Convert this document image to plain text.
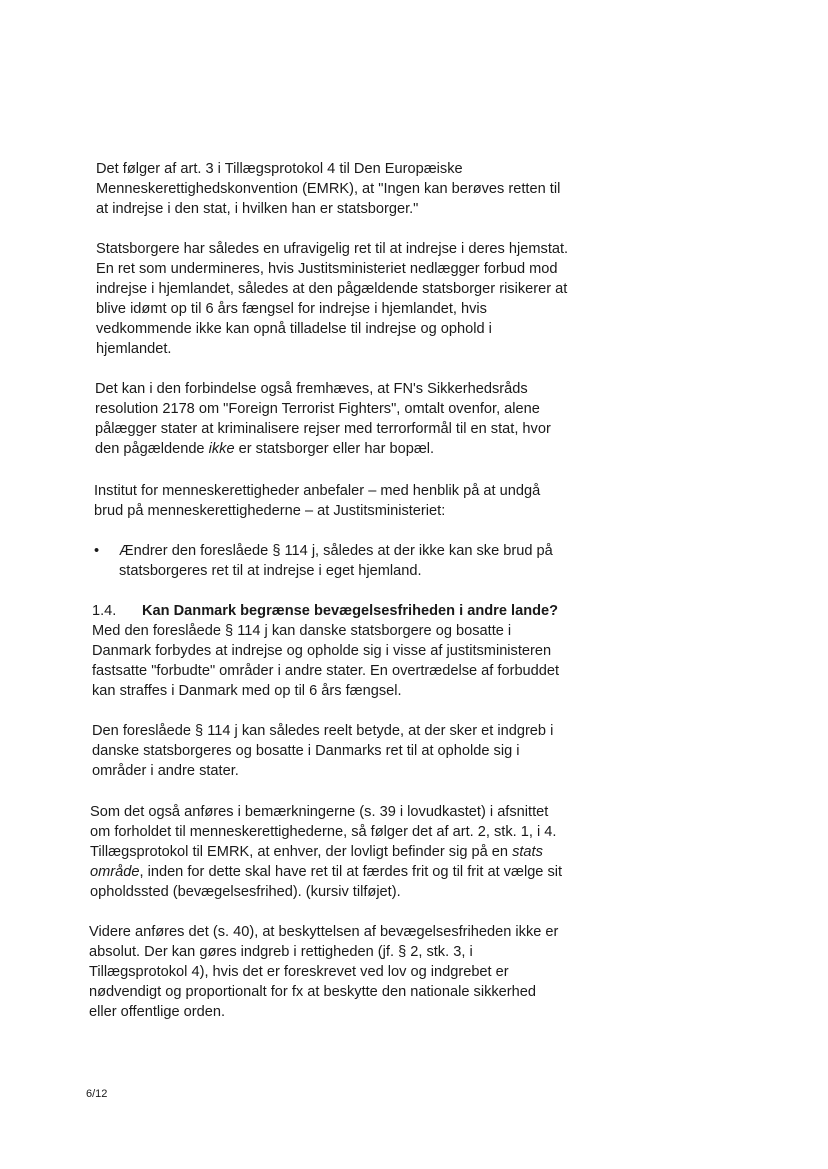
Det følger af art. 3 i Tillægsprotokol 4 til Den Europæiske Menneskerettighedskonvention (EMRK), at "Ingen kan berøves retten til at indrejse i den stat, i hvilken han er statsborger."
Statsborgere har således en ufravigelig ret til at indrejse i deres hjemstat. En ret som undermineres, hvis Justitsministeriet nedlægger forbud mod indrejse i hjemlandet, således at den pågældende statsborger risikerer at blive idømt op til 6 års fængsel for indrejse i hjemlandet, hvis vedkommende ikke kan opnå tilladelse til indrejse og ophold i hjemlandet.
Det kan i den forbindelse også fremhæves, at FN's Sikkerhedsråds resolution 2178 om "Foreign Terrorist Fighters", omtalt ovenfor, alene pålægger stater at kriminalisere rejser med terrorformål til en stat, hvor den pågældende ikke er statsborger eller har bopæl.
Institut for menneskerettigheder anbefaler – med henblik på at undgå brud på menneskerettighederne – at Justitsministeriet:
• Ændrer den foreslåede § 114 j, således at der ikke kan ske brud på statsborgeres ret til at indrejse i eget hjemland.
1.4. Kan Danmark begrænse bevægelsesfriheden i andre lande?
Med den foreslåede § 114 j kan danske statsborgere og bosatte i Danmark forbydes at indrejse og opholde sig i visse af justitsministeren fastsatte "forbudte" områder i andre stater. En overtrædelse af forbuddet kan straffes i Danmark med op til 6 års fængsel.
Den foreslåede § 114 j kan således reelt betyde, at der sker et indgreb i danske statsborgeres og bosatte i Danmarks ret til at opholde sig i områder i andre stater.
Som det også anføres i bemærkningerne (s. 39 i lovudkastet) i afsnittet om forholdet til menneskerettighederne, så følger det af art. 2, stk. 1, i 4. Tillægsprotokol til EMRK, at enhver, der lovligt befinder sig på en stats område, inden for dette skal have ret til at færdes frit og til frit at vælge sit opholdssted (bevægelsesfrihed). (kursiv tilføjet).
Videre anføres det (s. 40), at beskyttelsen af bevægelsesfriheden ikke er absolut. Der kan gøres indgreb i rettigheden (jf. § 2, stk. 3, i Tillægsprotokol 4), hvis det er foreskrevet ved lov og indgrebet er nødvendigt og proportionalt for fx at beskytte den nationale sikkerhed eller offentlige orden.
6/12
